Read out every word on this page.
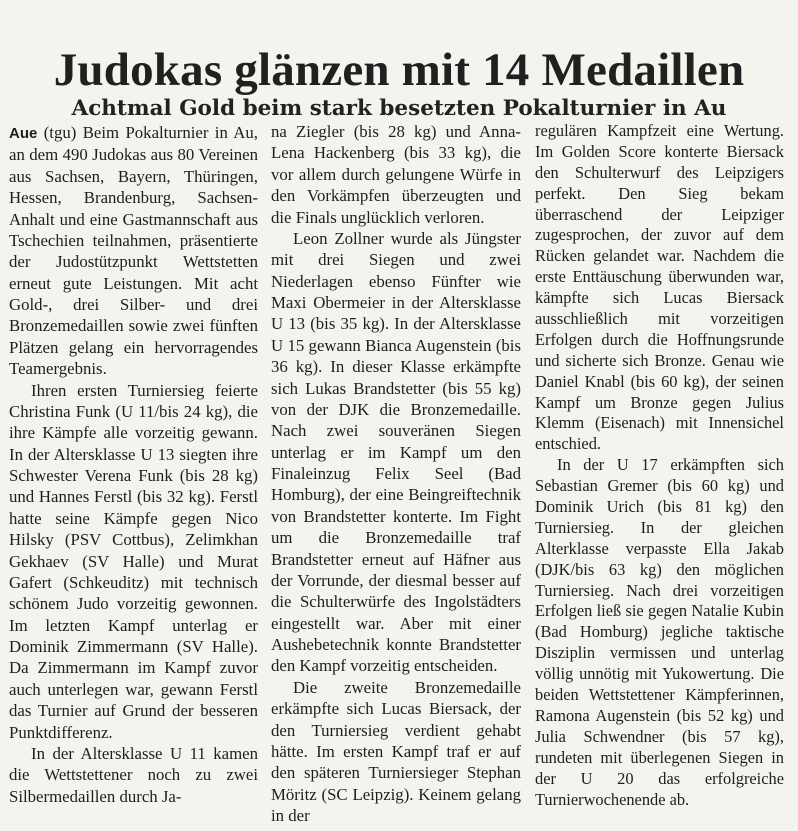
Judokas glänzen mit 14 Medaillen
Achtmal Gold beim stark besetzten Pokalturnier in Au

Aue (tgu) Beim Pokalturnier in Au, an dem 490 Judokas aus 80 Vereinen aus Sachsen, Bayern, Thüringen, Hessen, Brandenburg, Sachsen-Anhalt und eine Gastmannschaft aus Tschechien teilnahmen, präsentierte der Judostützpunkt Wettstetten erneut gute Leistungen. Mit acht Gold-, drei Silber- und drei Bronzemedaillen sowie zwei fünften Plätzen gelang ein hervorragendes Teamergebnis.

Ihren ersten Turniersieg feierte Christina Funk (U 11/bis 24 kg), die ihre Kämpfe alle vorzeitig gewann. In der Altersklasse U 13 siegten ihre Schwester Verena Funk (bis 28 kg) und Hannes Ferstl (bis 32 kg). Ferstl hatte seine Kämpfe gegen Nico Hilsky (PSV Cottbus), Zelimkhan Gekhaev (SV Halle) und Murat Gafert (Schkeuditz) mit technisch schönem Judo vorzeitig gewonnen. Im letzten Kampf unterlag er Dominik Zimmermann (SV Halle). Da Zimmermann im Kampf zuvor auch unterlegen war, gewann Ferstl das Turnier auf Grund der besseren Punktdifferenz.

In der Altersklasse U 11 kamen die Wettstettener noch zu zwei Silbermedaillen durch Ja-

na Ziegler (bis 28 kg) und Anna-Lena Hackenberg (bis 33 kg), die vor allem durch gelungene Würfe in den Vorkämpfen überzeugten und die Finals unglücklich verloren.

Leon Zollner wurde als Jüngster mit drei Siegen und zwei Niederlagen ebenso Fünfter wie Maxi Obermeier in der Altersklasse U 13 (bis 35 kg). In der Altersklasse U 15 gewann Bianca Augenstein (bis 36 kg). In dieser Klasse erkämpfte sich Lukas Brandstetter (bis 55 kg) von der DJK die Bronzemedaille. Nach zwei souveränen Siegen unterlag er im Kampf um den Finaleinzug Felix Seel (Bad Homburg), der eine Beingreiftechnik von Brandstetter konterte. Im Fight um die Bronzemedaille traf Brandstetter erneut auf Häfner aus der Vorrunde, der diesmal besser auf die Schulterwürfe des Ingolstädters eingestellt war. Aber mit einer Aushebetechnik konnte Brandstetter den Kampf vorzeitig entscheiden.

Die zweite Bronzemedaille erkämpfte sich Lucas Biersack, der den Turniersieg verdient gehabt hätte. Im ersten Kampf traf er auf den späteren Turniersieger Stephan Möritz (SC Leipzig). Keinem gelang in der

regulären Kampfzeit eine Wertung. Im Golden Score konterte Biersack den Schulterwurf des Leipzigers perfekt. Den Sieg bekam überraschend der Leipziger zugesprochen, der zuvor auf dem Rücken gelandet war. Nachdem die erste Enttäuschung überwunden war, kämpfte sich Lucas Biersack ausschließlich mit vorzeitigen Erfolgen durch die Hoffnungsrunde und sicherte sich Bronze. Genau wie Daniel Knabl (bis 60 kg), der seinen Kampf um Bronze gegen Julius Klemm (Eisenach) mit Innensichel entschied.

In der U 17 erkämpften sich Sebastian Gremer (bis 60 kg) und Dominik Urich (bis 81 kg) den Turniersieg. In der gleichen Alterklasse verpasste Ella Jakab (DJK/bis 63 kg) den möglichen Turniersieg. Nach drei vorzeitigen Erfolgen ließ sie gegen Natalie Kubin (Bad Homburg) jegliche taktische Disziplin vermissen und unterlag völlig unnötig mit Yukowertung. Die beiden Wettstettener Kämpferinnen, Ramona Augenstein (bis 52 kg) und Julia Schwendner (bis 57 kg), rundeten mit überlegenen Siegen in der U 20 das erfolgreiche Turnierwochenende ab.
